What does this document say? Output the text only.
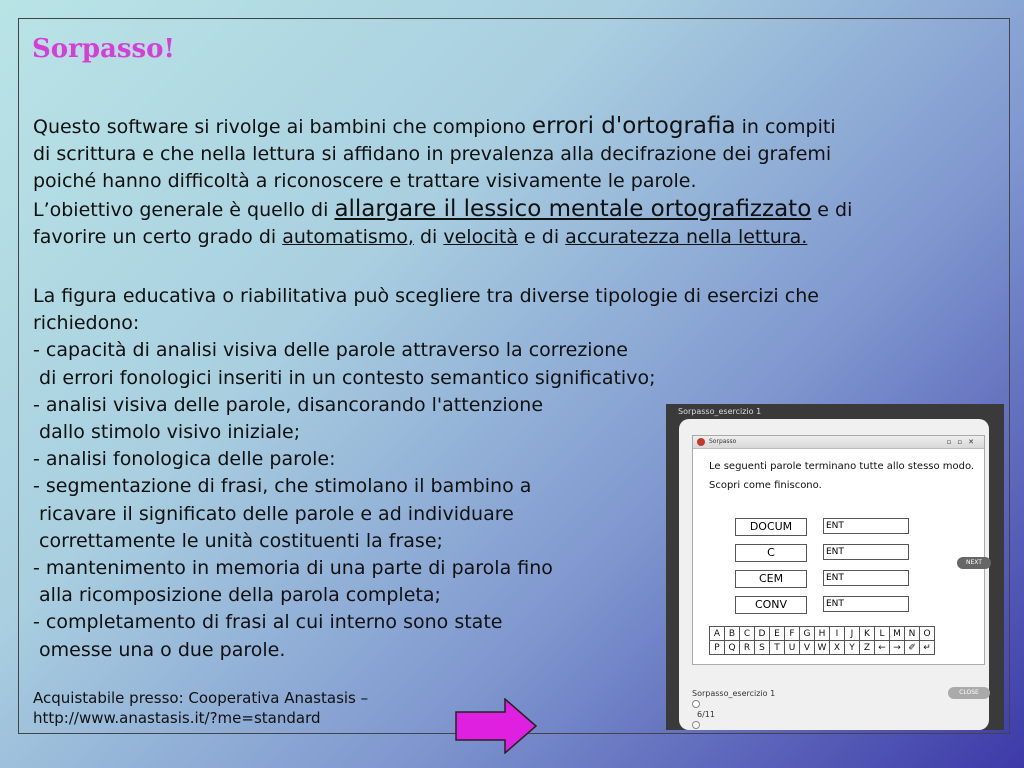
Sorpasso!

Questo software si rivolge ai bambini che compiono errori d'ortografia in compiti

di scrittura e che nella lettura si affidano in prevalenza alla decifrazione dei grafemi

poiché hanno difficoltà a riconoscere e trattare visivamente le parole.

L’obiettivo generale è quello di allargare il lessico mentale ortografizzato e di

favorire un certo grado di automatismo, di velocità e di accuratezza nella lettura.

La figura educativa o riabilitativa può scegliere tra diverse tipologie di esercizi che

richiedono:

- capacità di analisi visiva delle parole attraverso la correzione

di errori fonologici inseriti in un contesto semantico significativo;

- analisi visiva delle parole, disancorando l'attenzione

dallo stimolo visivo iniziale;

- analisi fonologica delle parole:

- segmentazione di frasi, che stimolano il bambino a

ricavare il significato delle parole e ad individuare

correttamente le unità costituenti la frase;

- mantenimento in memoria di una parte di parola fino

alla ricomposizione della parola completa;

- completamento di frasi al cui interno sono state

omesse una o due parole.

Acquistabile presso: Cooperativa Anastasis –

http://www.anastasis.it/?me=standard

Sorpasso_esercizio 1
Sorpasso	▫▫✕
Le seguenti parole terminano tutte allo stesso modo.
Scopri come finiscono.
DOCUM	ENT
C	ENT
CEM	ENT
CONV	ENT
A B C D E	F G H	I	J	K	L M N O
P Q R	S	T U V W X	Y	Z ← → ✐ ↵
NEXT
Sorpasso_esercizio 1
6/11
CLOSE
